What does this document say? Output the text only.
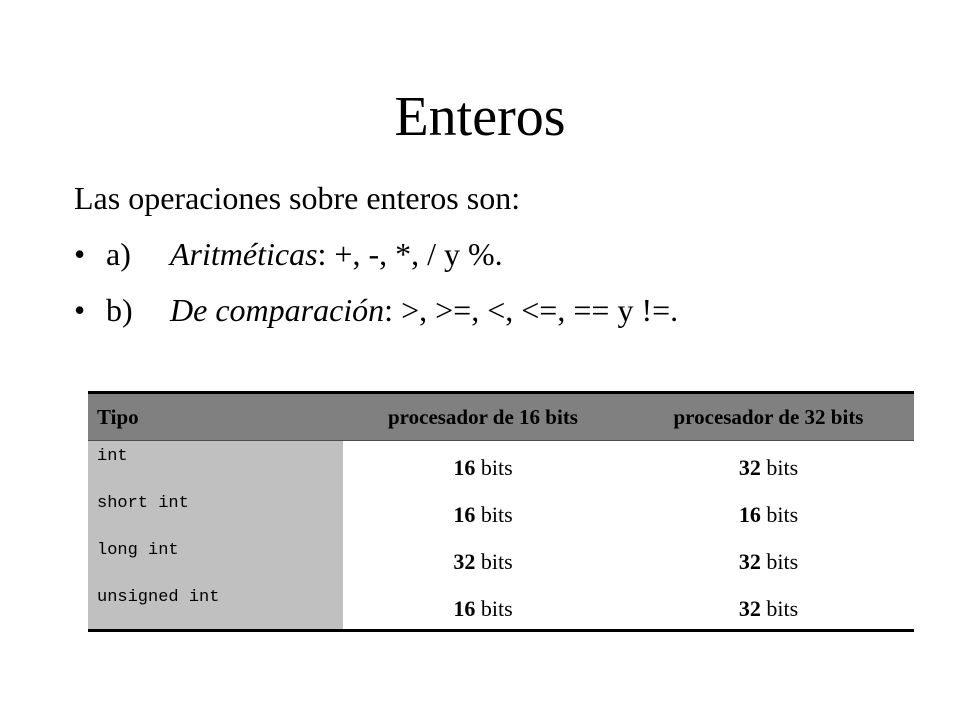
Enteros
Las operaciones sobre enteros son:
• a) Aritméticas: +, -, *, / y %.
• b) De comparación: >, >=, <, <=, == y !=.
Tipo	procesador de 16 bits	procesador de 32 bits
int	16 bits	32 bits
short int	16 bits	16 bits
long int	32 bits	32 bits
unsigned int	16 bits	32 bits
